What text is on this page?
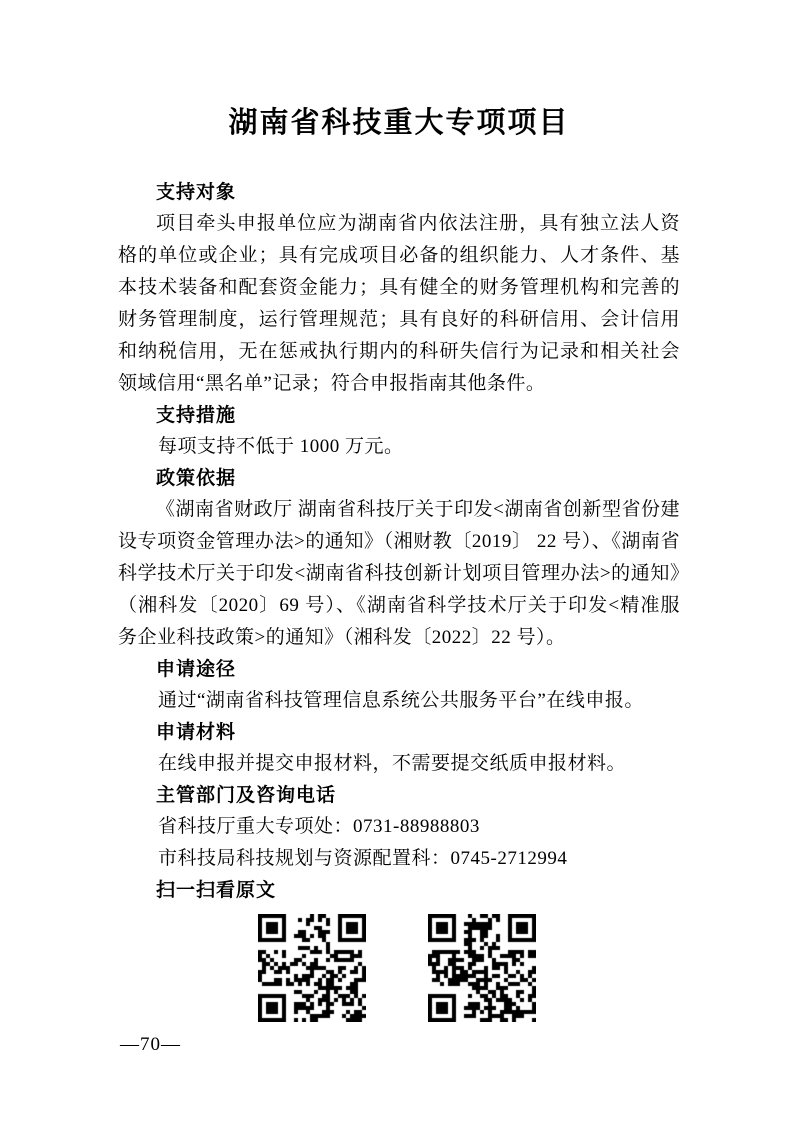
湖南省科技重大专项项目
支持对象

项目牵头申报单位应为湖南省内依法注册，具有独立法人资格的单位或企业；具有完成项目必备的组织能力、人才条件、基本技术装备和配套资金能力；具有健全的财务管理机构和完善的财务管理制度，运行管理规范；具有良好的科研信用、会计信用和纳税信用，无在惩戒执行期内的科研失信行为记录和相关社会领域信用“黑名单”记录；符合申报指南其他条件。

支持措施

每项支持不低于 1000 万元。

政策依据

《湖南省财政厅 湖南省科技厅关于印发<湖南省创新型省份建设专项资金管理办法>的通知》（湘财教〔2019〕 22 号）、《湖南省科学技术厅关于印发<湖南省科技创新计划项目管理办法>的通知》（湘科发〔2020〕69 号）、《湖南省科学技术厅关于印发<精准服务企业科技政策>的通知》（湘科发〔2022〕22 号）。

申请途径

通过“湖南省科技管理信息系统公共服务平台”在线申报。

申请材料

在线申报并提交申报材料，不需要提交纸质申报材料。

主管部门及咨询电话

省科技厅重大专项处：0731-88988803

市科技局科技规划与资源配置科：0745-2712994

扫一扫看原文
—70—
